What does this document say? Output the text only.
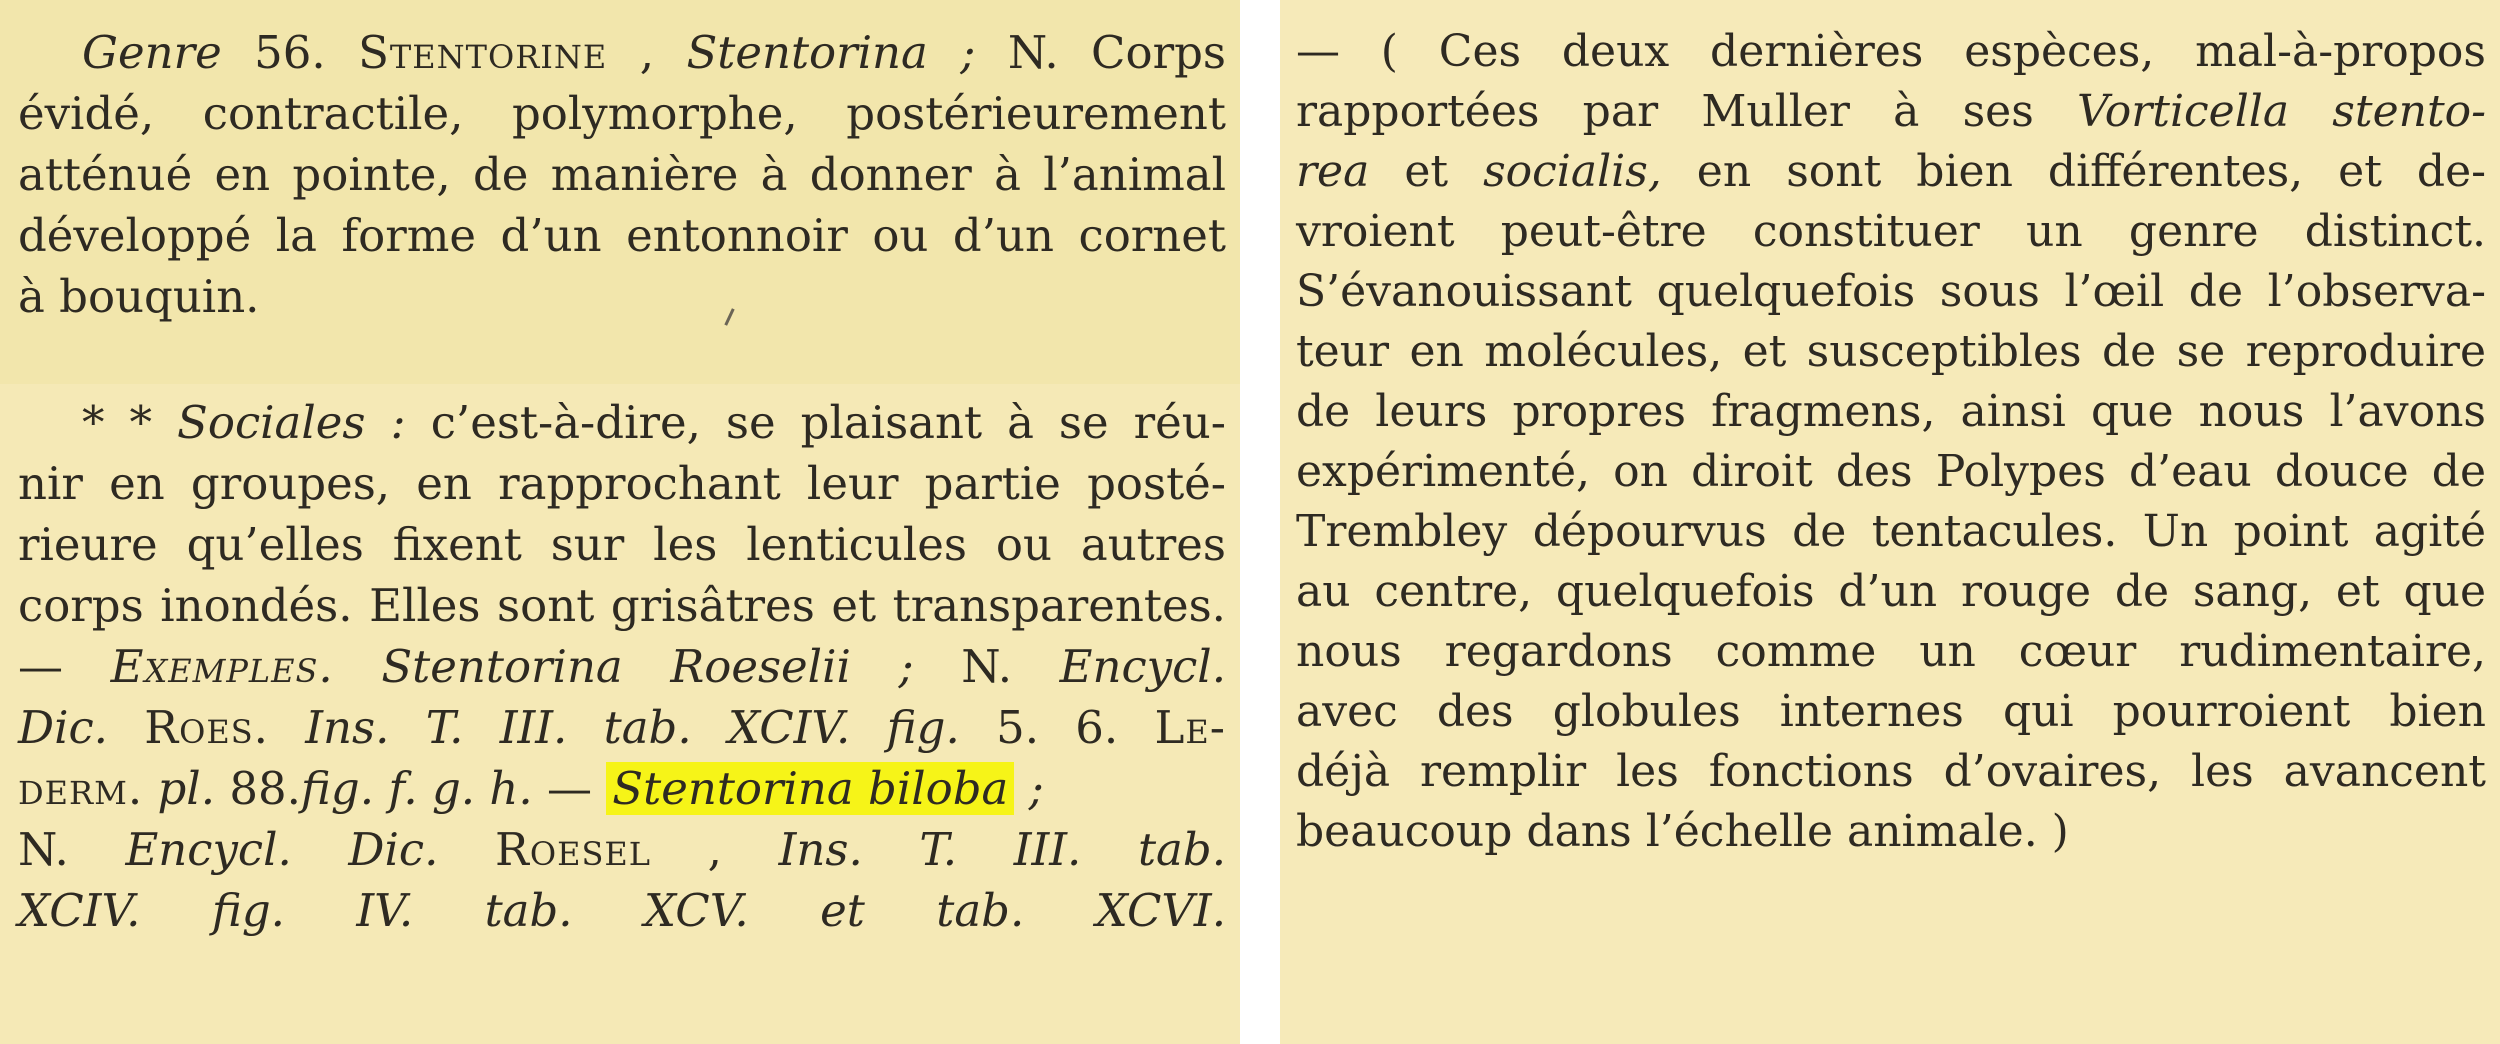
Genre 56. Stentorine , Stentorina ; N. Corps
évidé, contractile, polymorphe, postérieurement
atténué en pointe, de manière à donner à l’animal
développé la forme d’un entonnoir ou d’un cornet
à bouquin.
* * Sociales : c’est-à-dire, se plaisant à se réu-
nir en groupes, en rapprochant leur partie posté-
rieure qu’elles fixent sur les lenticules ou autres
corps inondés. Elles sont grisâtres et transparentes.
— Exemples. Stentorina Roeselii ; N. Encycl.
Dic. Roes. Ins. T. III. tab. XCIV. fig. 5. 6. Le-
derm. pl. 88.fig. f. g. h. — Stentorina biloba ;
N. Encycl. Dic. Roesel , Ins. T. III. tab.
XCIV. fig. IV. tab. XCV. et tab. XCVI.
— ( Ces deux dernières espèces, mal-à-propos
rapportées par Muller à ses Vorticella stento-
rea et socialis, en sont bien différentes, et de-
vroient peut-être constituer un genre distinct.
S’évanouissant quelquefois sous l’œil de l’observa-
teur en molécules, et susceptibles de se reproduire
de leurs propres fragmens, ainsi que nous l’avons
expérimenté, on diroit des Polypes d’eau douce de
Trembley dépourvus de tentacules. Un point agité
au centre, quelquefois d’un rouge de sang, et que
nous regardons comme un cœur rudimentaire,
avec des globules internes qui pourroient bien
déjà remplir les fonctions d’ovaires, les avancent
beaucoup dans l’échelle animale. )
